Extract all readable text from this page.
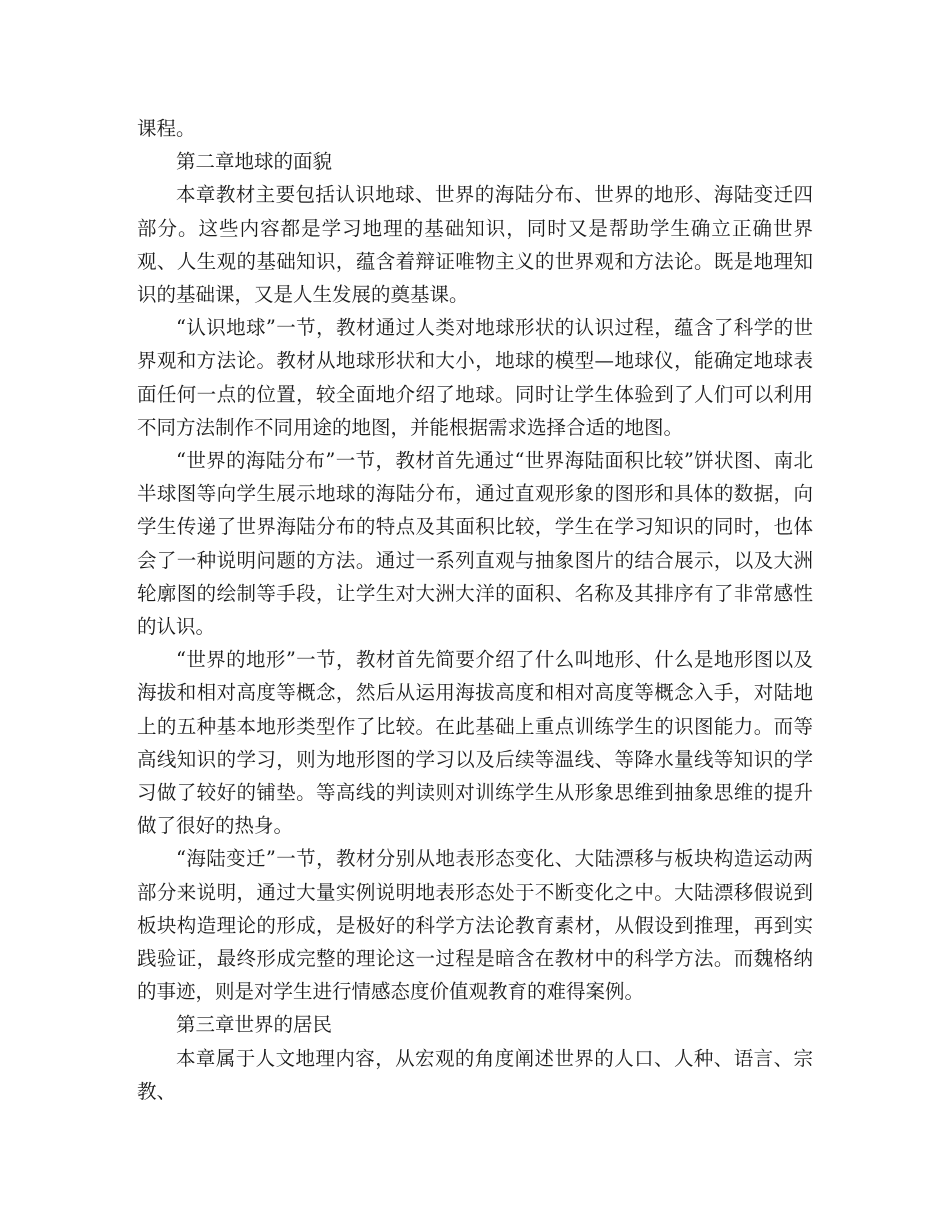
课程。

第二章地球的面貌

本章教材主要包括认识地球、世界的海陆分布、世界的地形、海陆变迁四部分。这些内容都是学习地理的基础知识，同时又是帮助学生确立正确世界观、人生观的基础知识，蕴含着辩证唯物主义的世界观和方法论。既是地理知识的基础课，又是人生发展的奠基课。

“认识地球”一节，教材通过人类对地球形状的认识过程，蕴含了科学的世界观和方法论。教材从地球形状和大小，地球的模型—地球仪，能确定地球表面任何一点的位置，较全面地介绍了地球。同时让学生体验到了人们可以利用不同方法制作不同用途的地图，并能根据需求选择合适的地图。

“世界的海陆分布”一节，教材首先通过“世界海陆面积比较”饼状图、南北半球图等向学生展示地球的海陆分布，通过直观形象的图形和具体的数据，向学生传递了世界海陆分布的特点及其面积比较，学生在学习知识的同时，也体会了一种说明问题的方法。通过一系列直观与抽象图片的结合展示，以及大洲轮廓图的绘制等手段，让学生对大洲大洋的面积、名称及其排序有了非常感性的认识。

“世界的地形”一节，教材首先简要介绍了什么叫地形、什么是地形图以及海拔和相对高度等概念，然后从运用海拔高度和相对高度等概念入手，对陆地上的五种基本地形类型作了比较。在此基础上重点训练学生的识图能力。而等高线知识的学习，则为地形图的学习以及后续等温线、等降水量线等知识的学习做了较好的铺垫。等高线的判读则对训练学生从形象思维到抽象思维的提升做了很好的热身。

“海陆变迁”一节，教材分别从地表形态变化、大陆漂移与板块构造运动两部分来说明，通过大量实例说明地表形态处于不断变化之中。大陆漂移假说到板块构造理论的形成，是极好的科学方法论教育素材，从假设到推理，再到实践验证，最终形成完整的理论这一过程是暗含在教材中的科学方法。而魏格纳的事迹，则是对学生进行情感态度价值观教育的难得案例。

第三章世界的居民

本章属于人文地理内容，从宏观的角度阐述世界的人口、人种、语言、宗教、
